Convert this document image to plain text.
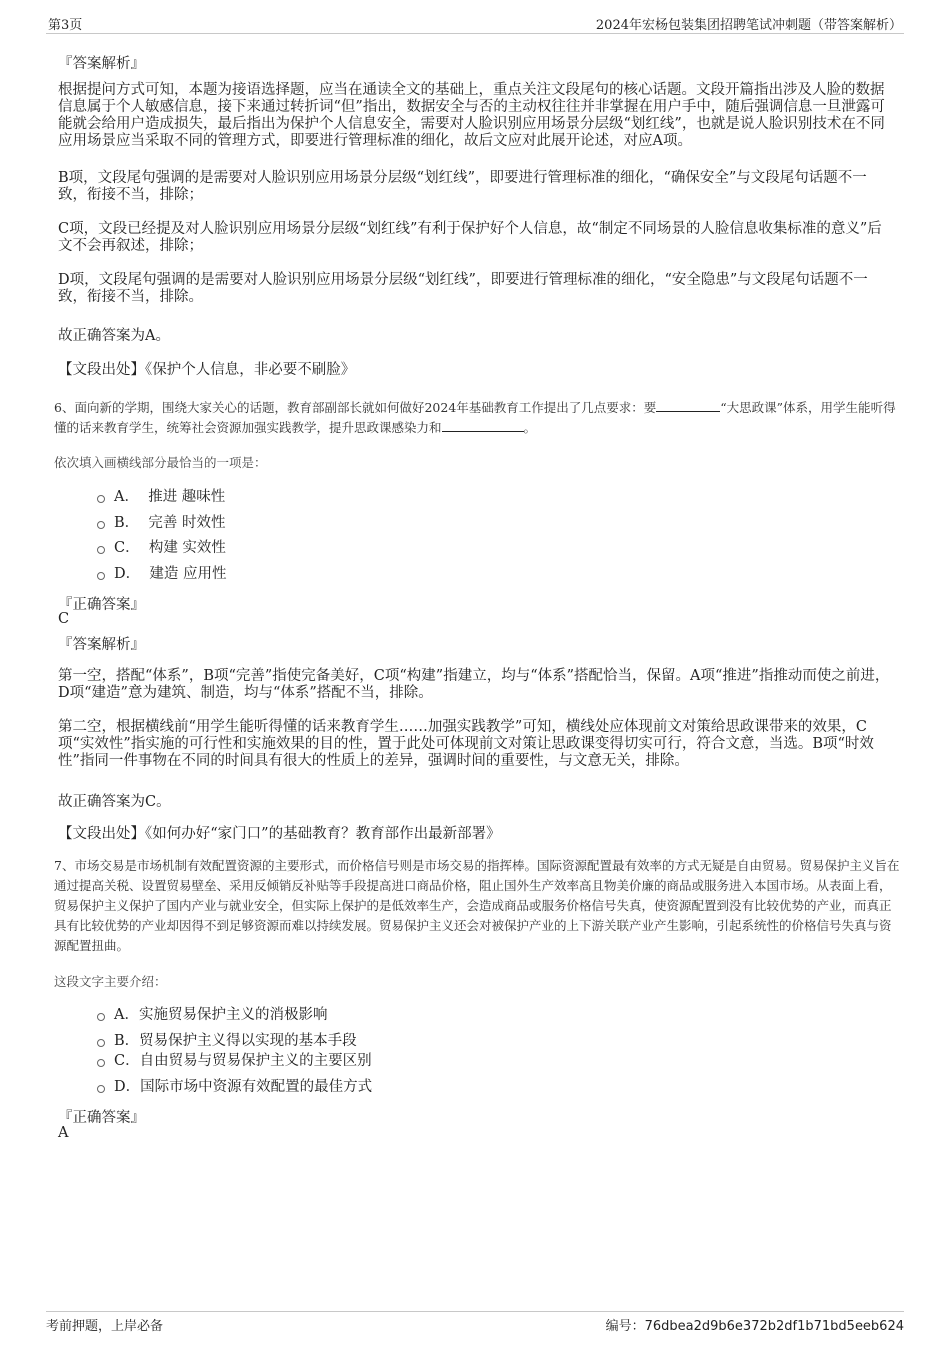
第3页	2024年宏杨包装集团招聘笔试冲刺题（带答案解析）
『答案解析』
根据提问方式可知，本题为接语选择题，应当在通读全文的基础上，重点关注文段尾句的核心话题。文段开篇指出涉及人脸的数据信息属于个人敏感信息，接下来通过转折词“但”指出，数据安全与否的主动权往往并非掌握在用户手中，随后强调信息一旦泄露可能就会给用户造成损失，最后指出为保护个人信息安全，需要对人脸识别应用场景分层级“划红线”，也就是说人脸识别技术在不同应用场景应当采取不同的管理方式，即要进行管理标准的细化，故后文应对此展开论述，对应A项。
B项，文段尾句强调的是需要对人脸识别应用场景分层级“划红线”，即要进行管理标准的细化，“确保安全”与文段尾句话题不一致，衔接不当，排除；
C项，文段已经提及对人脸识别应用场景分层级“划红线”有利于保护好个人信息，故“制定不同场景的人脸信息收集标准的意义”后文不会再叙述，排除；
D项，文段尾句强调的是需要对人脸识别应用场景分层级“划红线”，即要进行管理标准的细化，“安全隐患”与文段尾句话题不一致，衔接不当，排除。
故正确答案为A。
【文段出处】《保护个人信息，非必要不刷脸》
6、面向新的学期，围绕大家关心的话题，教育部副部长就如何做好2024年基础教育工作提出了几点要求：要	“大思政课”体系，用学生能听得懂的话来教育学生，统筹社会资源加强实践教学，提升思政课感染力和	。
依次填入画横线部分最恰当的一项是：
A． 推进 趣味性
B． 完善 时效性
C． 构建 实效性
D． 建造 应用性
『正确答案』
C
『答案解析』
第一空，搭配“体系”，B项“完善”指使完备美好，C项“构建”指建立，均与“体系”搭配恰当，保留。A项“推进”指推动而使之前进，D项“建造”意为建筑、制造，均与“体系”搭配不当，排除。
第二空，根据横线前“用学生能听得懂的话来教育学生……加强实践教学”可知，横线处应体现前文对策给思政课带来的效果，C项“实效性”指实施的可行性和实施效果的目的性，置于此处可体现前文对策让思政课变得切实可行，符合文意，当选。B项“时效性”指同一件事物在不同的时间具有很大的性质上的差异，强调时间的重要性，与文意无关，排除。
故正确答案为C。
【文段出处】《如何办好“家门口”的基础教育？教育部作出最新部署》
7、市场交易是市场机制有效配置资源的主要形式，而价格信号则是市场交易的指挥棒。国际资源配置最有效率的方式无疑是自由贸易。贸易保护主义旨在通过提高关税、设置贸易壁垒、采用反倾销反补贴等手段提高进口商品价格，阻止国外生产效率高且物美价廉的商品或服务进入本国市场。从表面上看，贸易保护主义保护了国内产业与就业安全，但实际上保护的是低效率生产，会造成商品或服务价格信号失真，使资源配置到没有比较优势的产业，而真正具有比较优势的产业却因得不到足够资源而难以持续发展。贸易保护主义还会对被保护产业的上下游关联产业产生影响，引起系统性的价格信号失真与资源配置扭曲。
这段文字主要介绍：
A．实施贸易保护主义的消极影响
B．贸易保护主义得以实现的基本手段
C．自由贸易与贸易保护主义的主要区别
D．国际市场中资源有效配置的最佳方式
『正确答案』
A
考前押题，上岸必备	编号：76dbea2d9b6e372b2df1b71bd5eeb624
